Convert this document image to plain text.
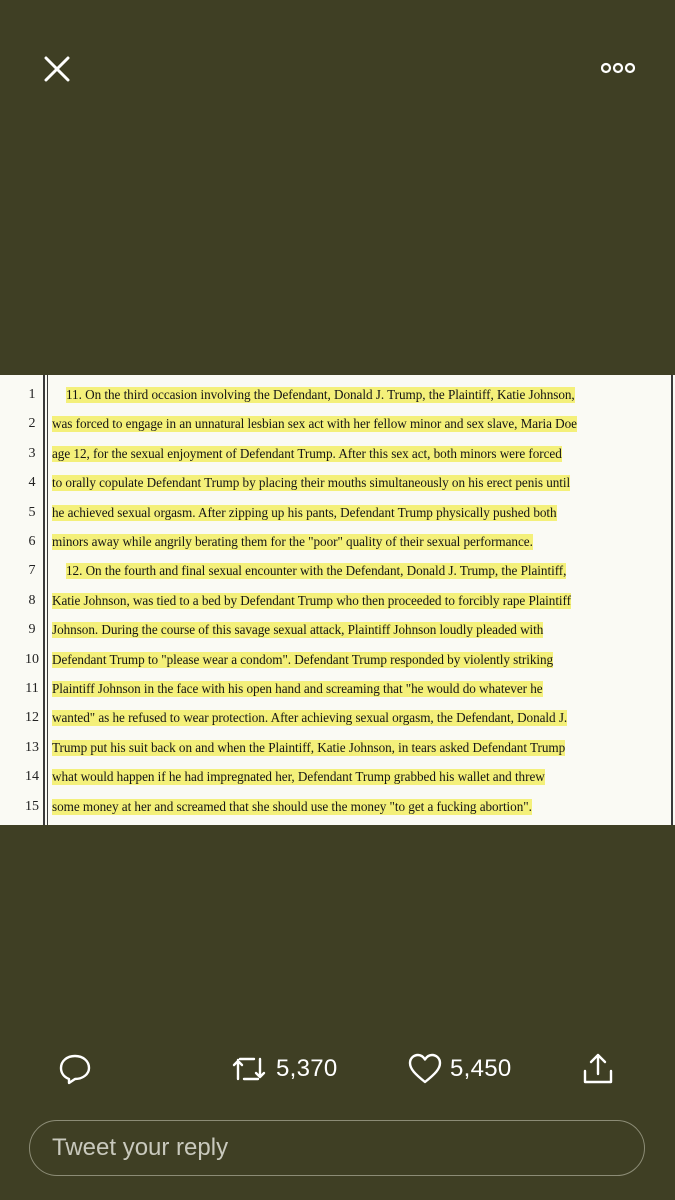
1	11. On the third occasion involving the Defendant, Donald J. Trump, the Plaintiff, Katie Johnson,
2	was forced to engage in an unnatural lesbian sex act with her fellow minor and sex slave, Maria Doe
3	age 12, for the sexual enjoyment of Defendant Trump. After this sex act, both minors were forced
4	to orally copulate Defendant Trump by placing their mouths simultaneously on his erect penis until
5	he achieved sexual orgasm. After zipping up his pants, Defendant Trump physically pushed both
6	minors away while angrily berating them for the "poor" quality of their sexual performance.
7	12. On the fourth and final sexual encounter with the Defendant, Donald J. Trump, the Plaintiff,
8	Katie Johnson, was tied to a bed by Defendant Trump who then proceeded to forcibly rape Plaintiff
9	Johnson. During the course of this savage sexual attack, Plaintiff Johnson loudly pleaded with
10 Defendant Trump to "please wear a condom". Defendant Trump responded by violently striking
11 Plaintiff Johnson in the face with his open hand and screaming that "he would do whatever he
12 wanted" as he refused to wear protection. After achieving sexual orgasm, the Defendant, Donald J.
13 Trump put his suit back on and when the Plaintiff, Katie Johnson, in tears asked Defendant Trump
14 what would happen if he had impregnated her, Defendant Trump grabbed his wallet and threw
15 some money at her and screamed that she should use the money "to get a fucking abortion".
5,370	5,450
Tweet your reply
